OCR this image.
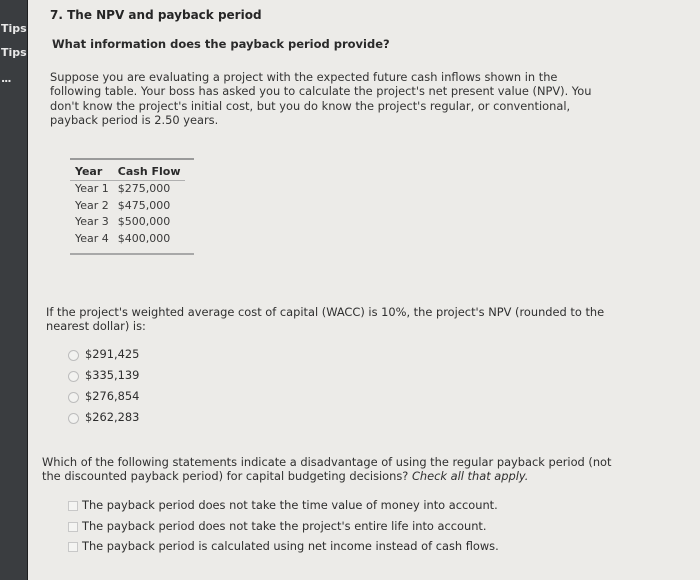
Tips
Tips
...
7. The NPV and payback period
What information does the payback period provide?
Suppose you are evaluating a project with the expected future cash inflows shown in the following table. Your boss has asked you to calculate the project's net present value (NPV). You don't know the project's initial cost, but you do know the project's regular, or conventional, payback period is 2.50 years.
Year	Cash Flow
Year 1	$275,000
Year 2	$475,000
Year 3	$500,000
Year 4	$400,000
If the project's weighted average cost of capital (WACC) is 10%, the project's NPV (rounded to the nearest dollar) is:
$291,425
$335,139
$276,854
$262,283
Which of the following statements indicate a disadvantage of using the regular payback period (not the discounted payback period) for capital budgeting decisions? Check all that apply.
The payback period does not take the time value of money into account.
The payback period does not take the project's entire life into account.
The payback period is calculated using net income instead of cash flows.
